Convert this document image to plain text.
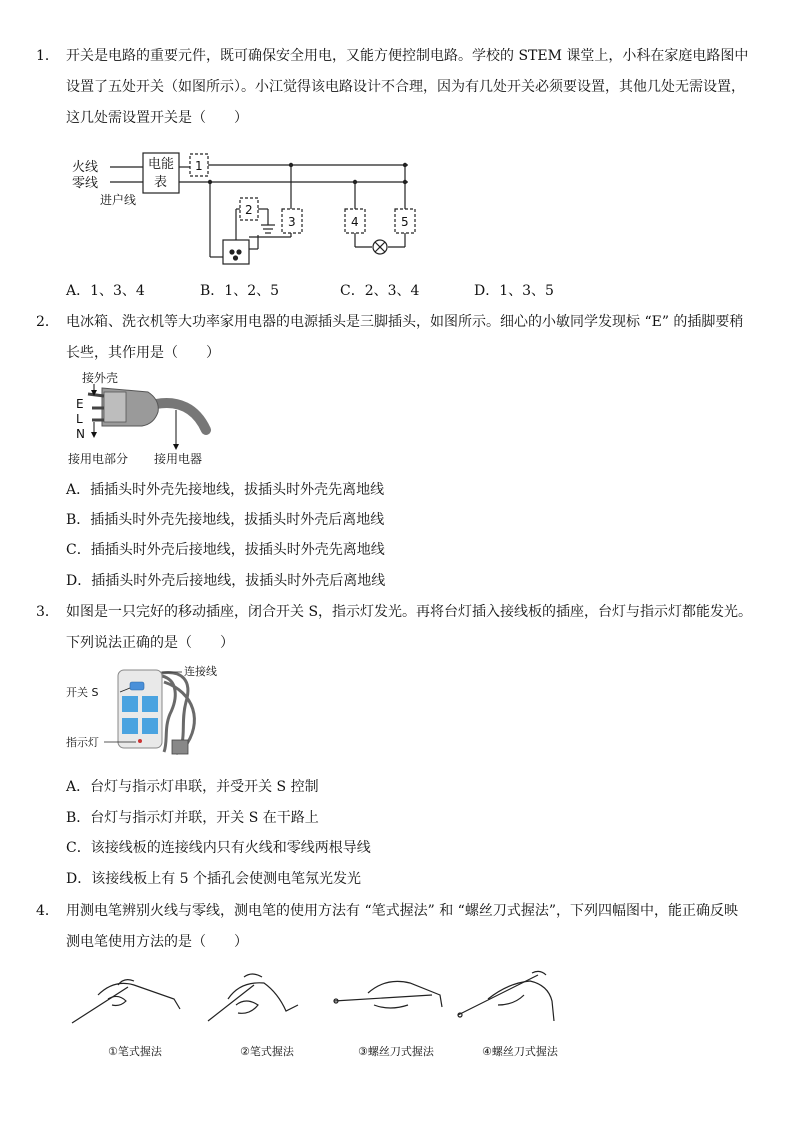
1． 开关是电路的重要元件，既可确保安全用电，又能方便控制电路。学校的 STEM 课堂上，小科在家庭电路图中
设置了五处开关（如图所示）。小江觉得该电路设计不合理，因为有几处开关必须要设置，其他几处无需设置，
这几处需设置开关是（　　）
火线
零线
电能
表
进户线
1
2
3	4	5
A．1、3、4	B．1、2、5	C．2、3、4	D．1、3、5
2． 电冰箱、洗衣机等大功率家用电器的电源插头是三脚插头，如图所示。细心的小敏同学发现标 “E” 的插脚要稍
长些，其作用是（　　）
接外壳
E
L
N
接用电部分 接用电器
A．插插头时外壳先接地线，拔插头时外壳先离地线
B．插插头时外壳先接地线，拔插头时外壳后离地线
C．插插头时外壳后接地线，拔插头时外壳先离地线
D．插插头时外壳后接地线，拔插头时外壳后离地线
3． 如图是一只完好的移动插座，闭合开关 S，指示灯发光。再将台灯插入接线板的插座，台灯与指示灯都能发光。
下列说法正确的是（　　）
连接线
开关 S
指示灯
A．台灯与指示灯串联，并受开关 S 控制
B．台灯与指示灯并联，开关 S 在干路上
C．该接线板的连接线内只有火线和零线两根导线
D．该接线板上有 5 个插孔会使测电笔氖光发光
4． 用测电笔辨别火线与零线，测电笔的使用方法有 “笔式握法” 和 “螺丝刀式握法”，下列四幅图中，能正确反映
测电笔使用方法的是（　　）
①笔式握法	②笔式握法	③螺丝刀式握法	④螺丝刀式握法
